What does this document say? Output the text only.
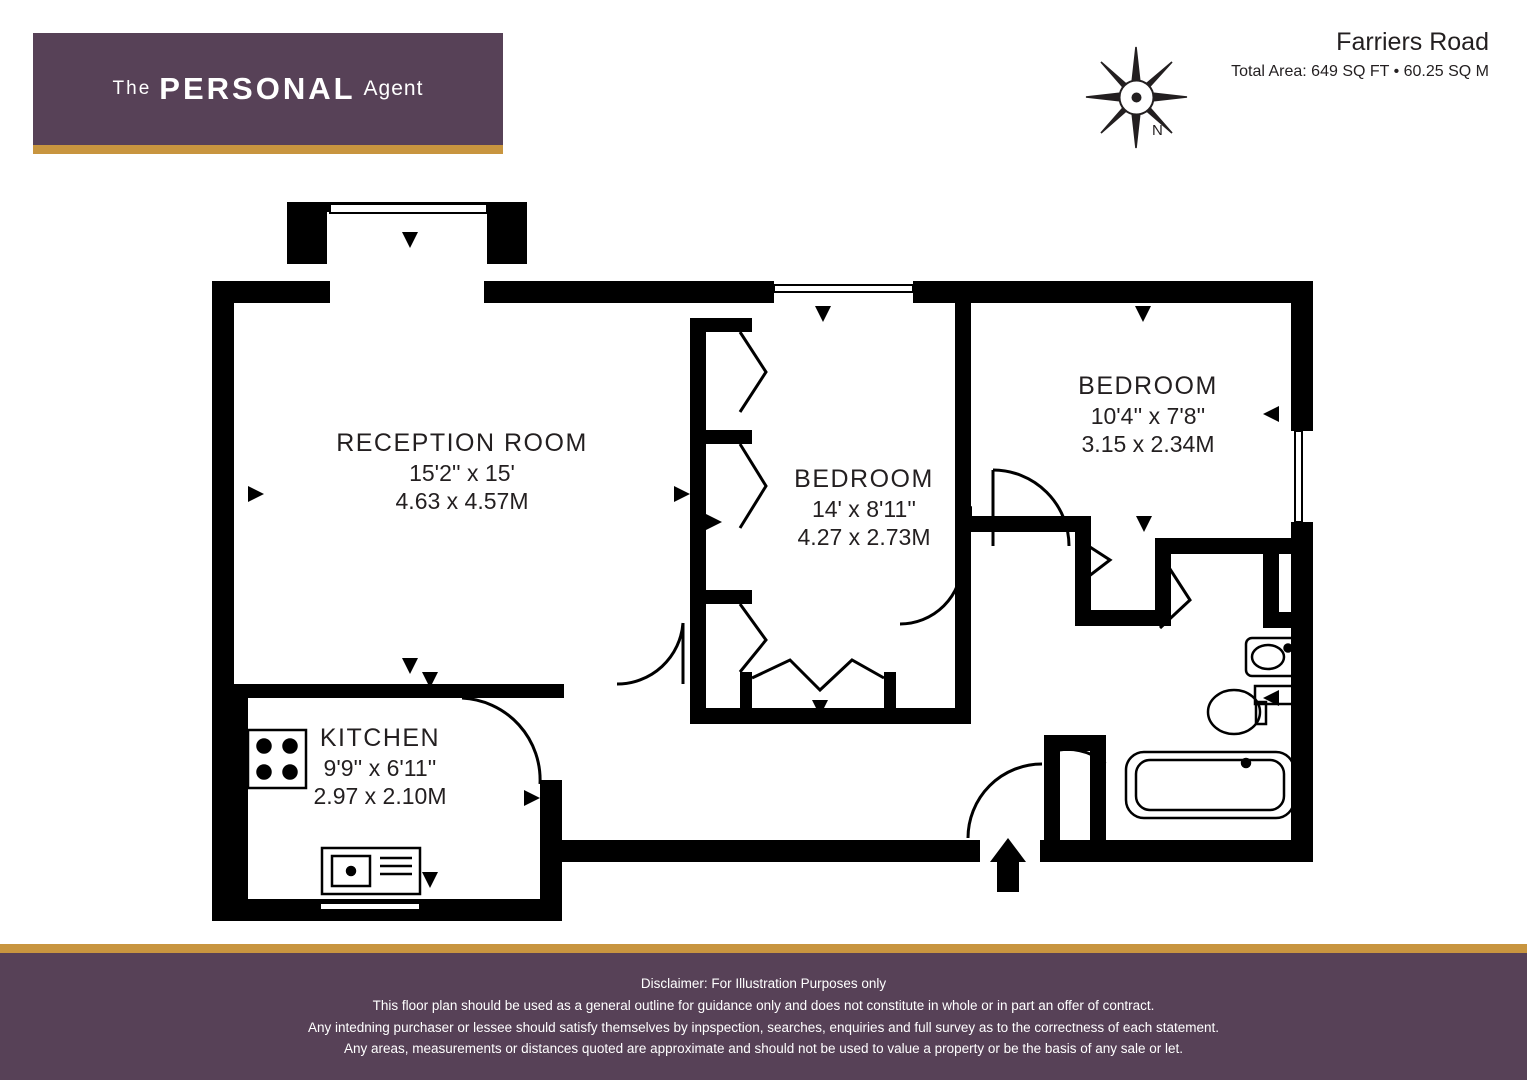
The PERSONAL Agent
Farriers Road
Total Area: 649 SQ FT • 60.25 SQ M
N
RECEPTION ROOM
15'2'' x 15'
4.63 x 4.57M
BEDROOM
14' x 8'11''
4.27 x 2.73M
BEDROOM
10'4'' x 7'8''
3.15 x 2.34M
KITCHEN
9'9'' x 6'11''
2.97 x 2.10M
Disclaimer: For Illustration Purposes only
This floor plan should be used as a general outline for guidance only and does not constitute in whole or in part an offer of contract.
Any intedning purchaser or lessee should satisfy themselves by inpspection, searches, enquiries and full survey as to the correctness of each statement.
Any areas, measurements or distances quoted are approximate and should not be used to value a property or be the basis of any sale or let.
